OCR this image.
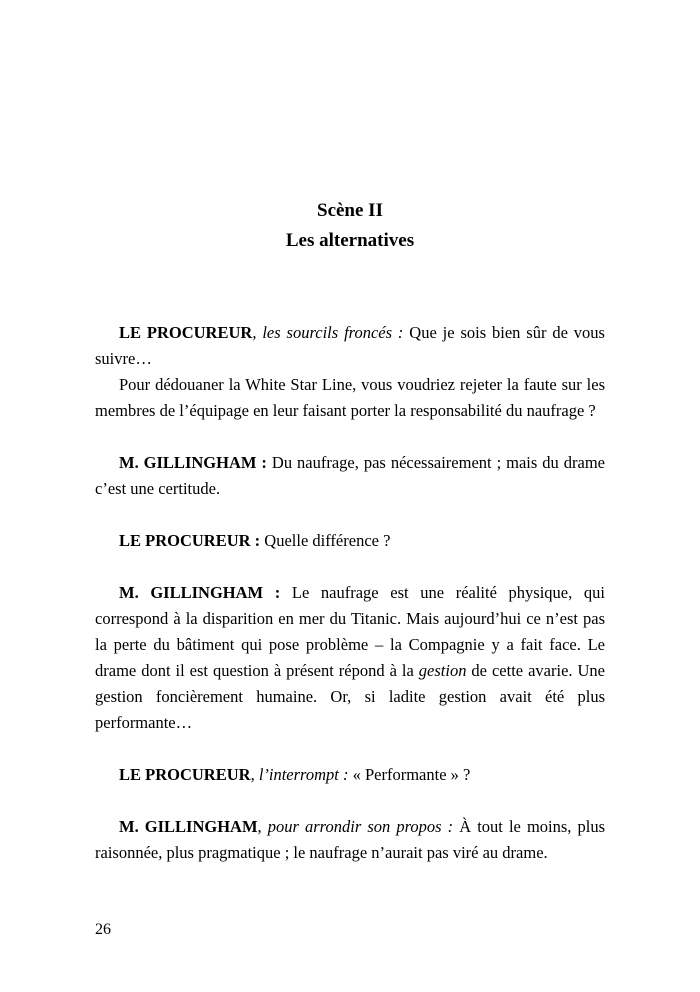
Scène II
Les alternatives

LE PROCUREUR, les sourcils froncés : Que je sois bien sûr de vous suivre…

Pour dédouaner la White Star Line, vous voudriez rejeter la faute sur les membres de l’équipage en leur faisant porter la responsabilité du naufrage ?

M. GILLINGHAM : Du naufrage, pas nécessairement ; mais du drame c’est une certitude.

LE PROCUREUR : Quelle différence ?

M. GILLINGHAM : Le naufrage est une réalité physique, qui correspond à la disparition en mer du Titanic. Mais aujourd’hui ce n’est pas la perte du bâtiment qui pose problème – la Compagnie y a fait face. Le drame dont il est question à présent répond à la gestion de cette avarie. Une gestion foncièrement humaine. Or, si ladite gestion avait été plus performante…

LE PROCUREUR, l’interrompt : « Performante » ?

M. GILLINGHAM, pour arrondir son propos : À tout le moins, plus raisonnée, plus pragmatique ; le naufrage n’aurait pas viré au drame.

26
